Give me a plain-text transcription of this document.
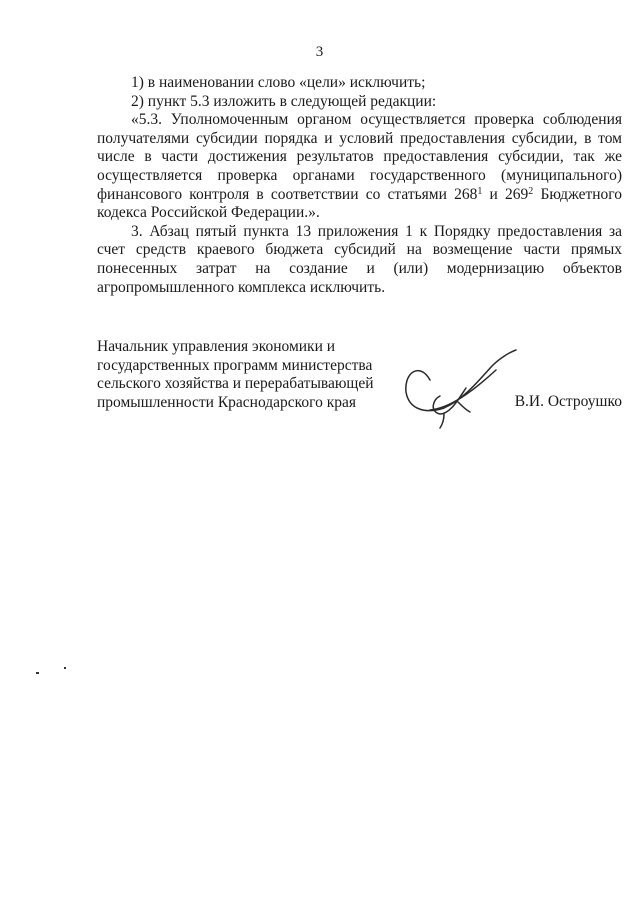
3

1) в наименовании слово «цели» исключить;

2) пункт 5.3 изложить в следующей редакции:

«5.3. Уполномоченным органом осуществляется проверка соблюдения получателями субсидии порядка и условий предоставления субсидии, в том числе в части достижения результатов предоставления субсидии, так же осуществляется проверка органами государственного (муниципального) финансового контроля в соответствии со статьями $268^1$ и $269^2$ Бюджетного кодекса Российской Федерации.».

3. Абзац пятый пункта 13 приложения 1 к Порядку предоставления за счет средств краевого бюджета субсидий на возмещение части прямых понесенных затрат на создание и (или) модернизацию объектов агропромышленного комплекса исключить.

Начальник управления экономики и
государственных программ министерства
сельского хозяйства и перерабатывающей
промышленности Краснодарского края	В.И. Остроушко
